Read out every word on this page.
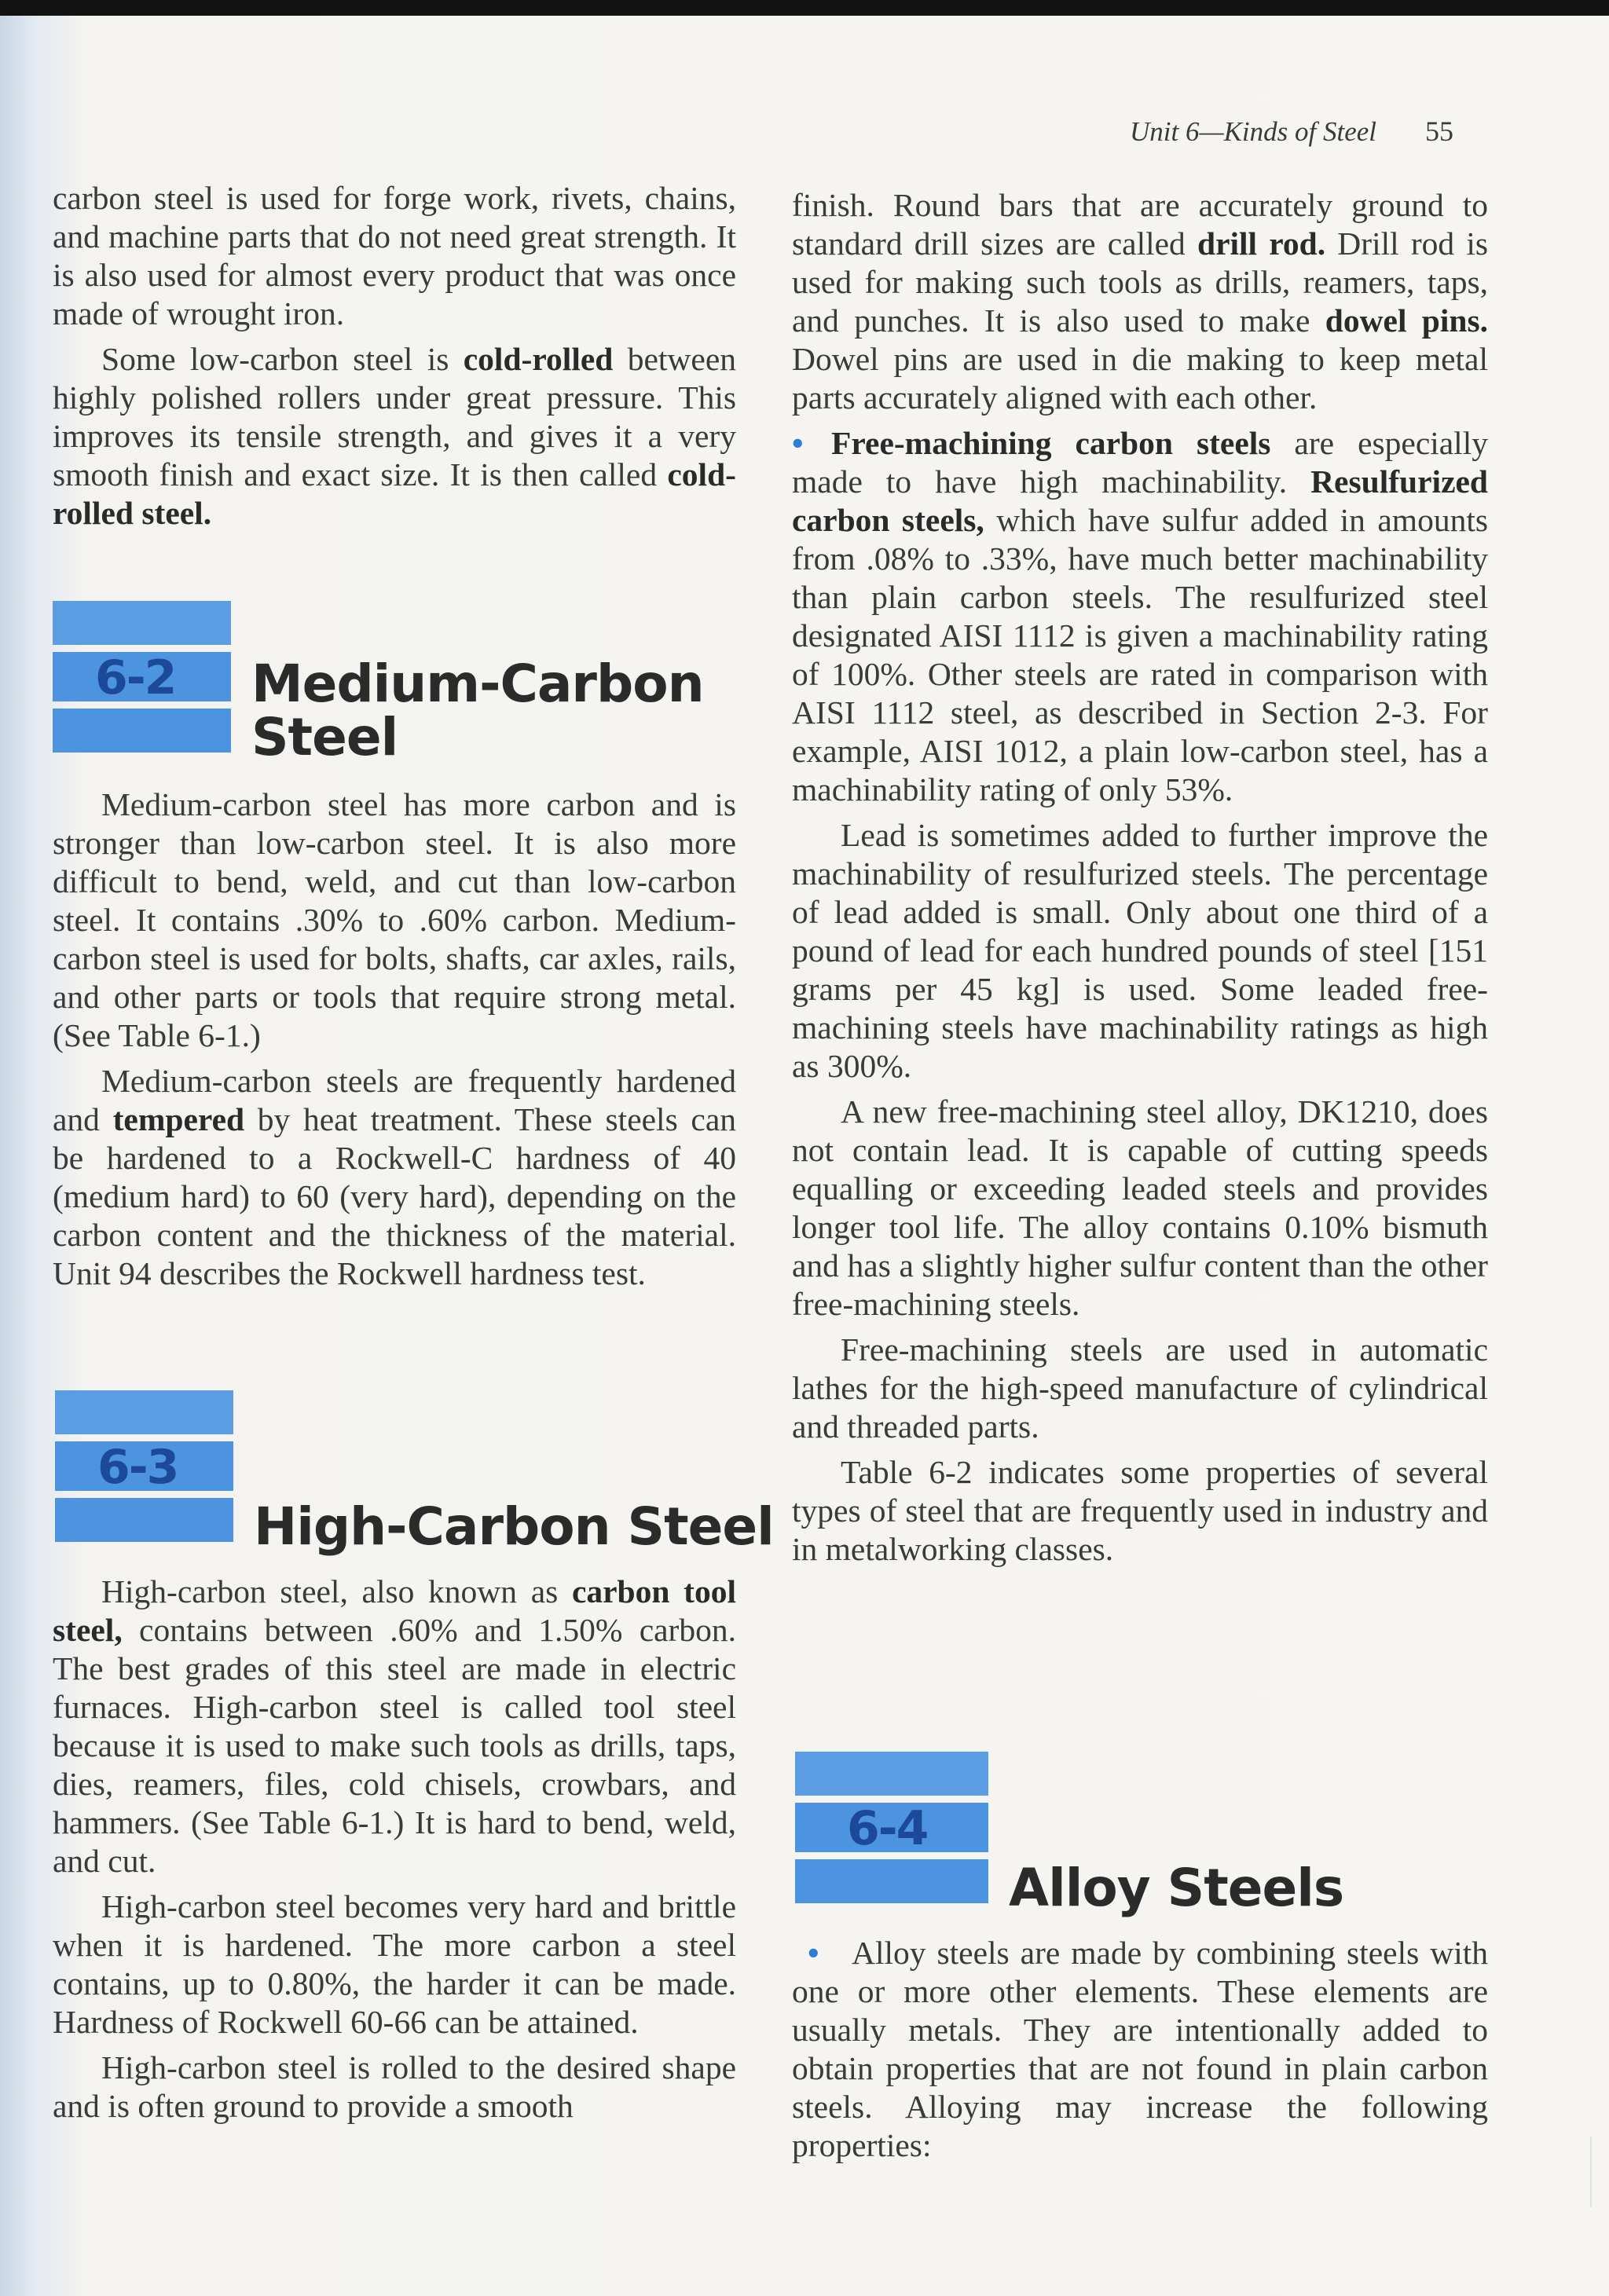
Unit 6—Kinds of Steel 55

carbon steel is used for forge work, rivets, chains, and machine parts that do not need great strength. It is also used for almost every product that was once made of wrought iron.

Some low-carbon steel is cold-rolled between highly polished rollers under great pressure. This improves its tensile strength, and gives it a very smooth finish and exact size. It is then called cold-rolled steel.

6-2 Medium-Carbon
Steel

Medium-carbon steel has more carbon and is stronger than low-carbon steel. It is also more difficult to bend, weld, and cut than low-carbon steel. It contains .30% to .60% carbon. Medium-carbon steel is used for bolts, shafts, car axles, rails, and other parts or tools that require strong metal. (See Table 6-1.)

Medium-carbon steels are frequently hardened and tempered by heat treatment. These steels can be hardened to a Rockwell-C hardness of 40 (medium hard) to 60 (very hard), depending on the carbon content and the thickness of the material. Unit 94 describes the Rockwell hardness test.

6-3
High-Carbon Steel

High-carbon steel, also known as carbon tool steel, contains between .60% and 1.50% carbon. The best grades of this steel are made in electric furnaces. High-carbon steel is called tool steel because it is used to make such tools as drills, taps, dies, reamers, files, cold chisels, crowbars, and hammers. (See Table 6-1.) It is hard to bend, weld, and cut.

High-carbon steel becomes very hard and brittle when it is hardened. The more carbon a steel contains, up to 0.80%, the harder it can be made. Hardness of Rockwell 60-66 can be attained.

High-carbon steel is rolled to the desired shape and is often ground to provide a smooth

finish. Round bars that are accurately ground to standard drill sizes are called drill rod. Drill rod is used for making such tools as drills, reamers, taps, and punches. It is also used to make dowel pins. Dowel pins are used in die making to keep metal parts accurately aligned with each other.

• Free-machining carbon steels are especially made to have high machinability. Resulfurized carbon steels, which have sulfur added in amounts from .08% to .33%, have much better machinability than plain carbon steels. The resulfurized steel designated AISI 1112 is given a machinability rating of 100%. Other steels are rated in comparison with AISI 1112 steel, as described in Section 2-3. For example, AISI 1012, a plain low-carbon steel, has a machinability rating of only 53%.

Lead is sometimes added to further improve the machinability of resulfurized steels. The percentage of lead added is small. Only about one third of a pound of lead for each hundred pounds of steel [151 grams per 45 kg] is used. Some leaded free-machining steels have machinability ratings as high as 300%.

A new free-machining steel alloy, DK1210, does not contain lead. It is capable of cutting speeds equalling or exceeding leaded steels and provides longer tool life. The alloy contains 0.10% bismuth and has a slightly higher sulfur content than the other free-machining steels.

Free-machining steels are used in automatic lathes for the high-speed manufacture of cylindrical and threaded parts.

Table 6-2 indicates some properties of several types of steel that are frequently used in industry and in metalworking classes.

6-4
Alloy Steels

• Alloy steels are made by combining steels with one or more other elements. These elements are usually metals. They are intentionally added to obtain properties that are not found in plain carbon steels. Alloying may increase the following properties:
